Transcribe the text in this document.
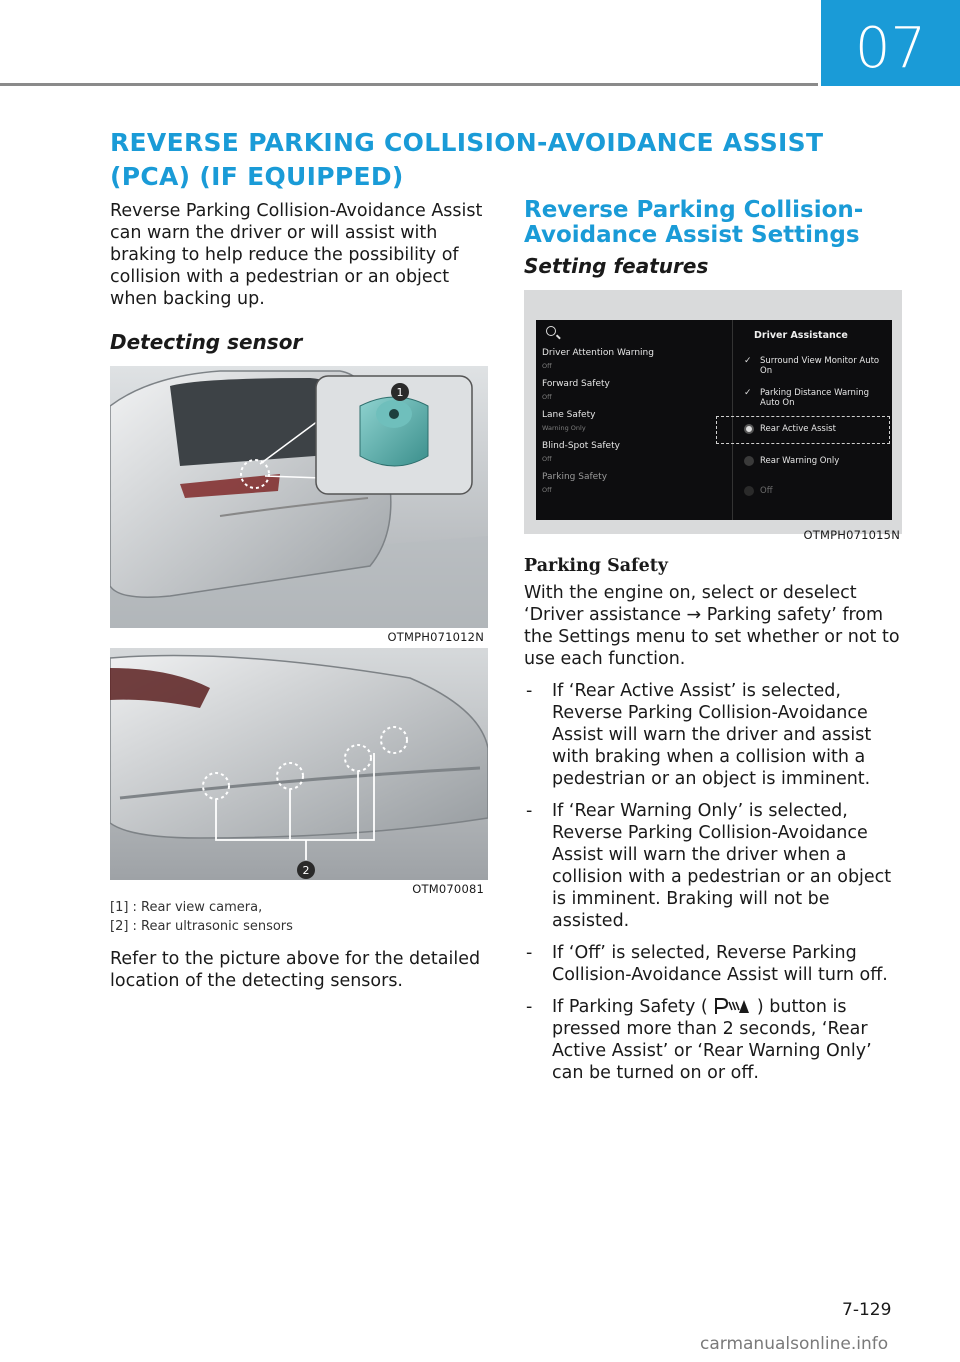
07
REVERSE PARKING COLLISION-AVOIDANCE ASSIST (PCA) (IF EQUIPPED)

Reverse Parking Collision-Avoidance Assist can warn the driver or will assist with braking to help reduce the possibility of collision with a pedestrian or an object when backing up.

Detecting sensor

1

OTMPH071012N

2

OTM070081

[1] : Rear view camera,

[2] : Rear ultrasonic sensors

Refer to the picture above for the detailed location of the detecting sensors.

Reverse Parking Collision-Avoidance Assist Settings

Setting features

Driver Assistance
Driver Attention Warning
Off
Forward Safety
Off
Lane Safety
Warning Only
Blind-Spot Safety
Off
Parking Safety
Off
✓ Surround View Monitor Auto On
✓ Parking Distance Warning Auto On
Rear Active Assist
Rear Warning Only
Off

OTMPH071015N

Parking Safety

With the engine on, select or deselect ‘Driver assistance → Parking safety’ from the Settings menu to set whether or not to use each function.

-	If ‘Rear Active Assist’ is selected, Reverse Parking Collision-Avoidance Assist will warn the driver and assist with braking when a collision with a pedestrian or an object is imminent.
-	If ‘Rear Warning Only’ is selected, Reverse Parking Collision-Avoidance Assist will warn the driver when a collision with a pedestrian or an object is imminent. Braking will not be assisted.
-	If ‘Off’ is selected, Reverse Parking Collision-Avoidance Assist will turn off.
-	If Parking Safety (	) button is pressed more than 2 seconds, ‘Rear Active Assist’ or ‘Rear Warning Only’ can be turned on or off.
7-129
carmanualsonline.info
